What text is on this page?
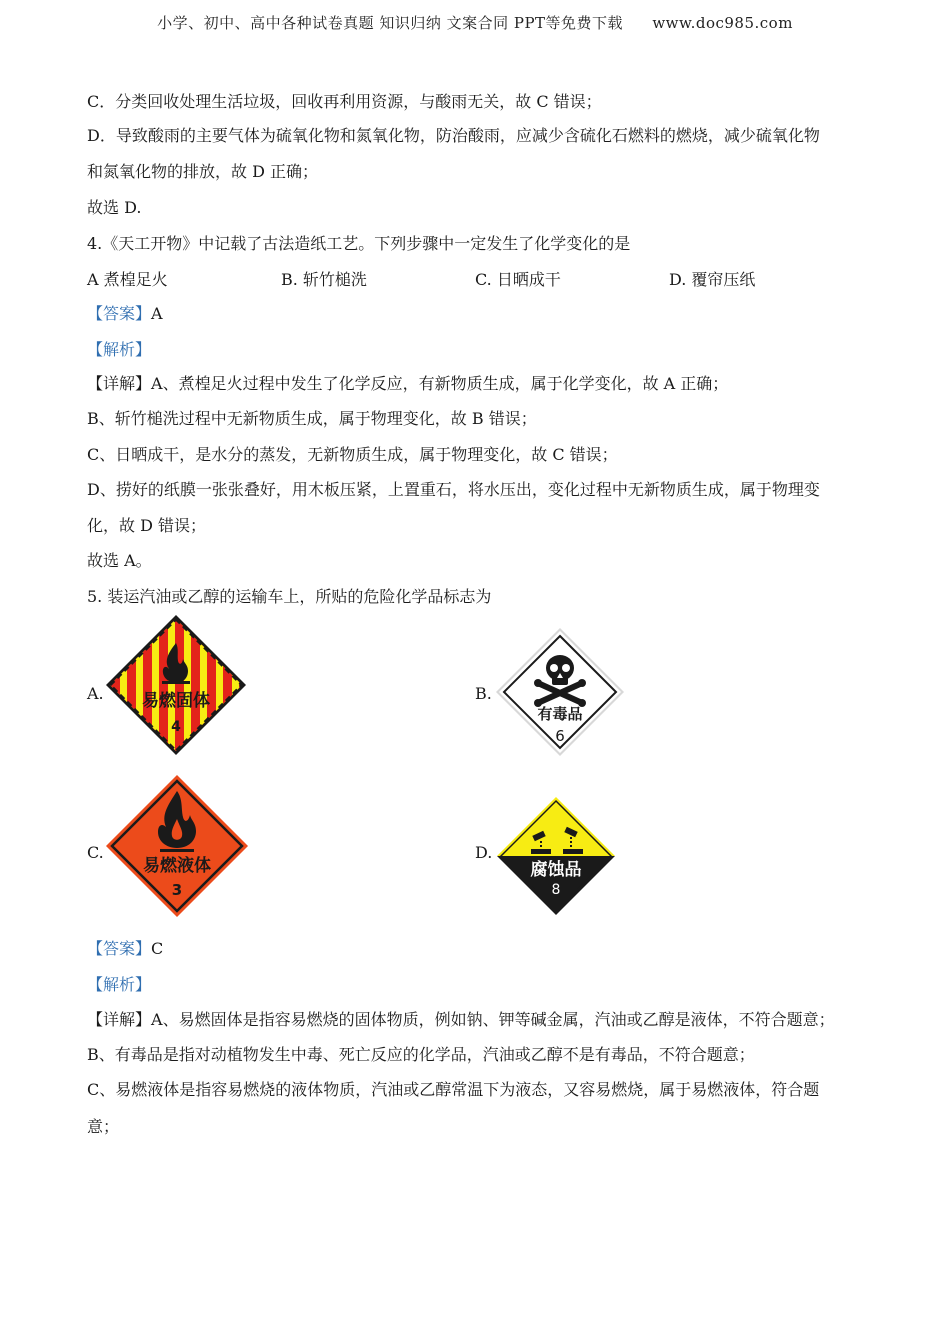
小学、初中、高中各种试卷真题 知识归纳 文案合同 PPT等免费下载 www.doc985.com
C．分类回收处理生活垃圾，回收再利用资源，与酸雨无关，故 C 错误；
D．导致酸雨的主要气体为硫氧化物和氮氧化物，防治酸雨，应减少含硫化石燃料的燃烧，减少硫氧化物
和氮氧化物的排放，故 D 正确；
故选 D.
4.《天工开物》中记载了古法造纸工艺。下列步骤中一定发生了化学变化的是
A 煮楻足火	B. 斩竹槌洗	C. 日晒成干	D. 覆帘压纸
【答案】A
【解析】
【详解】A、煮楻足火过程中发生了化学反应，有新物质生成，属于化学变化，故 A 正确；
B、斩竹槌洗过程中无新物质生成，属于物理变化，故 B 错误；
C、日晒成干，是水分的蒸发，无新物质生成，属于物理变化，故 C 错误；
D、捞好的纸膜一张张叠好，用木板压紧，上置重石，将水压出，变化过程中无新物质生成，属于物理变
化，故 D 错误；
故选 A。
5. 装运汽油或乙醇的运输车上，所贴的危险化学品标志为
A. 易燃固体
4
B.
有毒品
6
C.
易燃液体
3
D.
腐蚀品
8
【答案】C
【解析】
【详解】A、易燃固体是指容易燃烧的固体物质，例如钠、钾等碱金属，汽油或乙醇是液体，不符合题意；
B、有毒品是指对动植物发生中毒、死亡反应的化学品，汽油或乙醇不是有毒品，不符合题意；
C、易燃液体是指容易燃烧的液体物质，汽油或乙醇常温下为液态，又容易燃烧，属于易燃液体，符合题
意；
